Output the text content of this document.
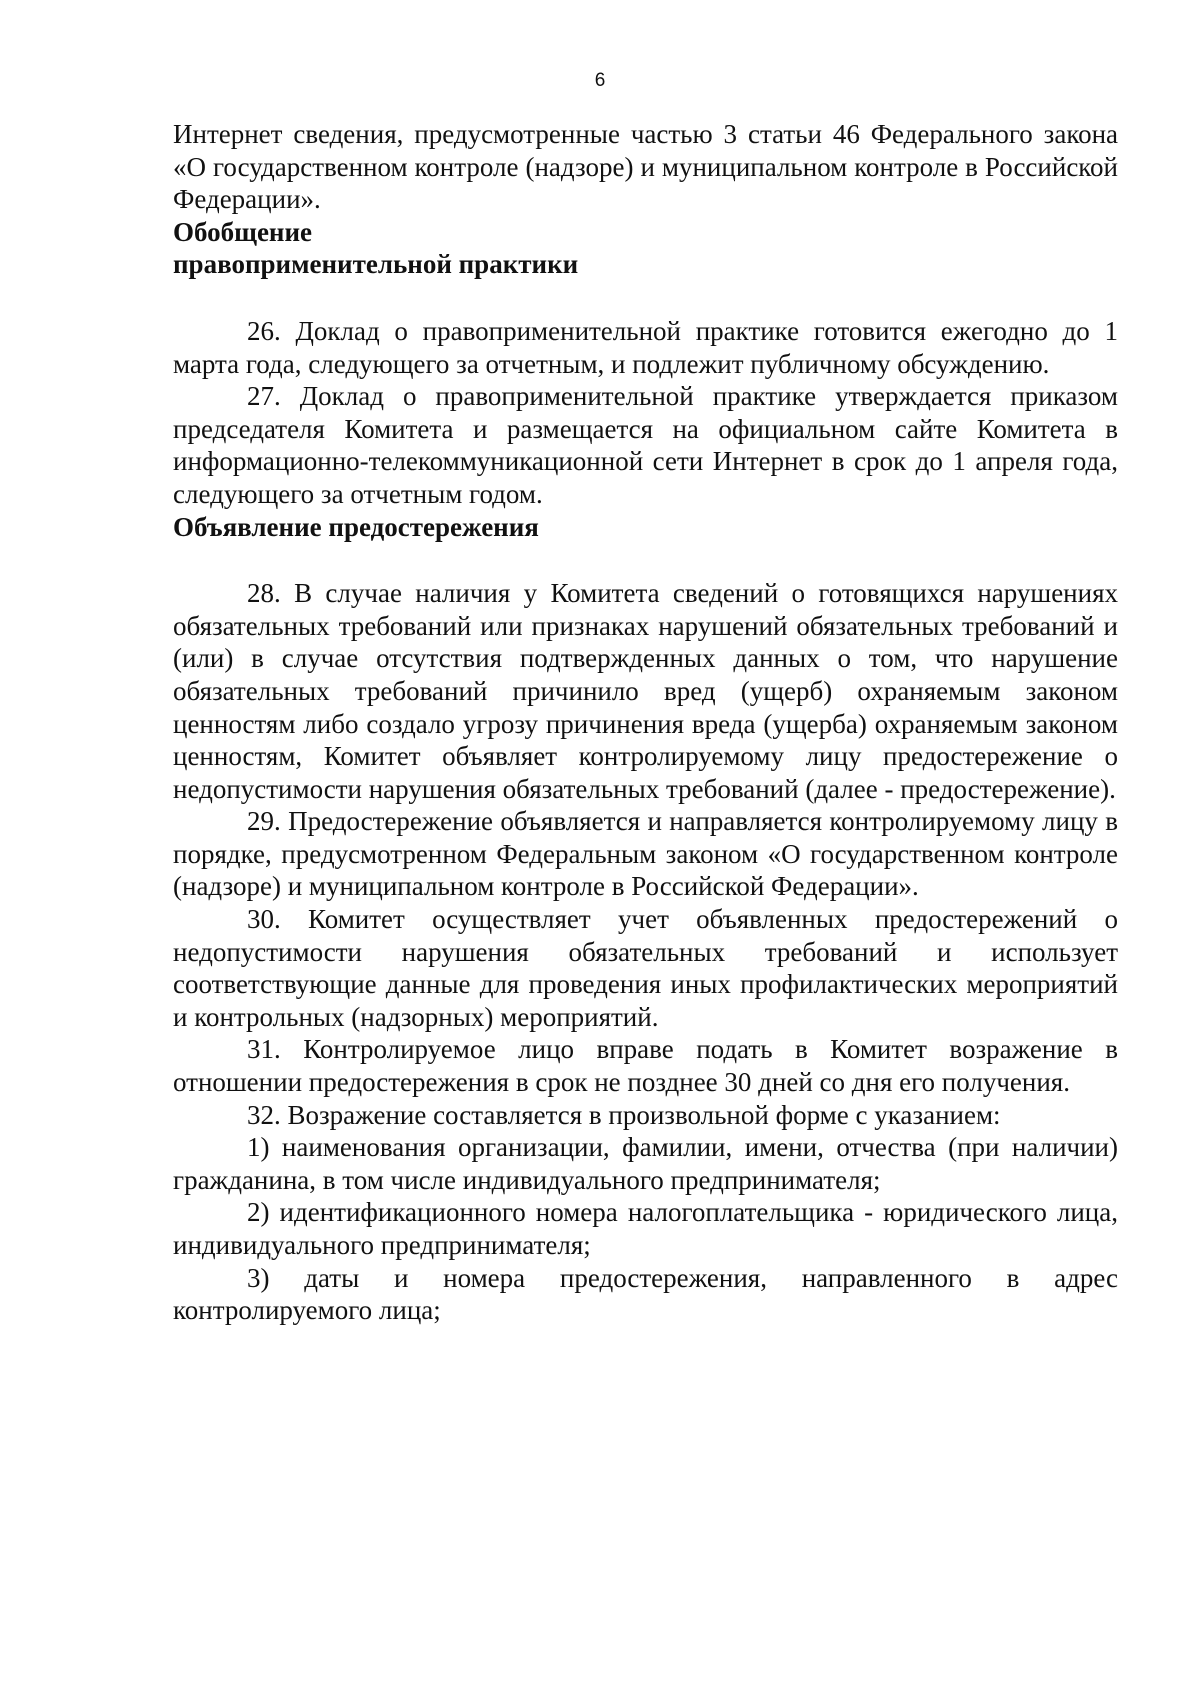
6

Интернет сведения, предусмотренные частью 3 статьи 46 Федерального закона «О государственном контроле (надзоре) и муниципальном контроле в Российской Федерации».

Обобщение

правоприменительной практики

26. Доклад о правоприменительной практике готовится ежегодно до 1 марта года, следующего за отчетным, и подлежит публичному обсуждению.

27. Доклад о правоприменительной практике утверждается приказом председателя Комитета и размещается на официальном сайте Комитета в информационно-телекоммуникационной сети Интернет в срок до 1 апреля года, следующего за отчетным годом.

Объявление предостережения

28. В случае наличия у Комитета сведений о готовящихся нарушениях обязательных требований или признаках нарушений обязательных требований и (или) в случае отсутствия подтвержденных данных о том, что нарушение обязательных требований причинило вред (ущерб) охраняемым законом ценностям либо создало угрозу причинения вреда (ущерба) охраняемым законом ценностям, Комитет объявляет контролируемому лицу предостережение о недопустимости нарушения обязательных требований (далее - предостережение).

29. Предостережение объявляется и направляется контролируемому лицу в порядке, предусмотренном Федеральным законом «О государственном контроле (надзоре) и муниципальном контроле в Российской Федерации».

30. Комитет осуществляет учет объявленных предостережений о недопустимости нарушения обязательных требований и использует соответствующие данные для проведения иных профилактических мероприятий и контрольных (надзорных) мероприятий.

31. Контролируемое лицо вправе подать в Комитет возражение в отношении предостережения в срок не позднее 30 дней со дня его получения.

32. Возражение составляется в произвольной форме с указанием:

1) наименования организации, фамилии, имени, отчества (при наличии) гражданина, в том числе индивидуального предпринимателя;

2) идентификационного номера налогоплательщика - юридического лица, индивидуального предпринимателя;

3) даты и номера предостережения, направленного в адрес контролируемого лица;
